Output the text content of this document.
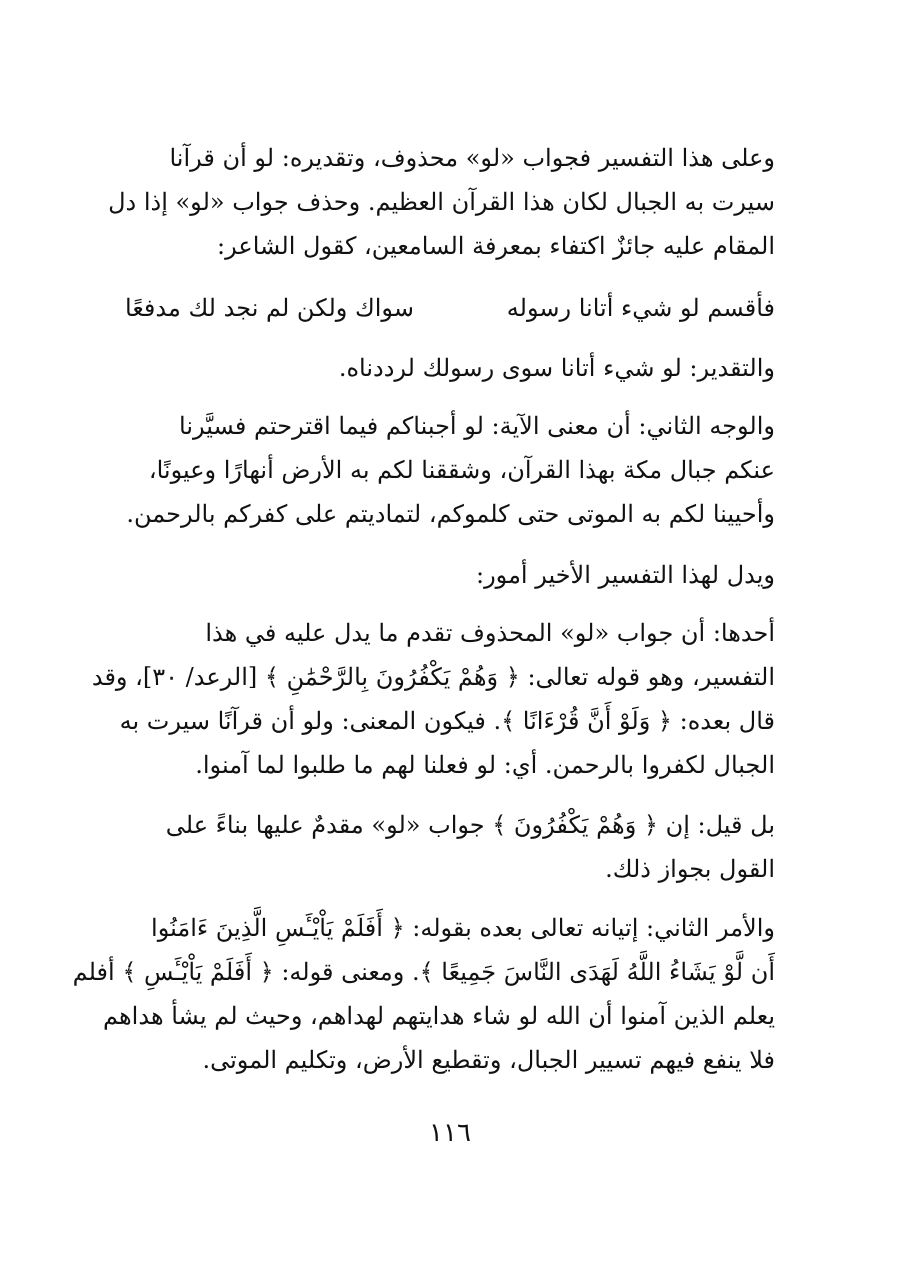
وعلى هذا التفسير فجواب «لو» محذوف، وتقديره: لو أن قرآنا
سيرت به الجبال لكان هذا القرآن العظيم. وحذف جواب «لو» إذا دل
المقام عليه جائزٌ اكتفاء بمعرفة السامعين، كقول الشاعر:
فأقسم لو شيء أتانا رسوله
سواك ولكن لم نجد لك مدفعًا
والتقدير: لو شيء أتانا سوى رسولك لرددناه.
والوجه الثاني: أن معنى الآية: لو أجبناكم فيما اقترحتم فسيَّرنا
عنكم جبال مكة بهذا القرآن، وشققنا لكم به الأرض أنهارًا وعيونًا،
وأحيينا لكم به الموتى حتى كلموكم، لتماديتم على كفركم بالرحمن.
ويدل لهذا التفسير الأخير أمور:
أحدها: أن جواب «لو» المحذوف تقدم ما يدل عليه في هذا
التفسير، وهو قوله تعالى: ﴿ وَهُمْ يَكْفُرُونَ بِالرَّحْمَٰنِ ﴾ [الرعد/ ٣٠]، وقد
قال بعده: ﴿ وَلَوْ أَنَّ قُرْءَانًا ﴾. فيكون المعنى: ولو أن قرآنًا سيرت به
الجبال لكفروا بالرحمن. أي: لو فعلنا لهم ما طلبوا لما آمنوا.
بل قيل: إن ﴿ وَهُمْ يَكْفُرُونَ ﴾ جواب «لو» مقدمٌ عليها بناءً على
القول بجواز ذلك.
والأمر الثاني: إتيانه تعالى بعده بقوله: ﴿ أَفَلَمْ يَاْيْـَٔسِ الَّذِينَ ءَامَنُوا
أَن لَّوْ يَشَاءُ اللَّهُ لَهَدَى النَّاسَ جَمِيعًا ﴾. ومعنى قوله: ﴿ أَفَلَمْ يَاْيْـَٔسِ ﴾ أفلم
يعلم الذين آمنوا أن الله لو شاء هدايتهم لهداهم، وحيث لم يشأ هداهم
فلا ينفع فيهم تسيير الجبال، وتقطيع الأرض، وتكليم الموتى.
١١٦
